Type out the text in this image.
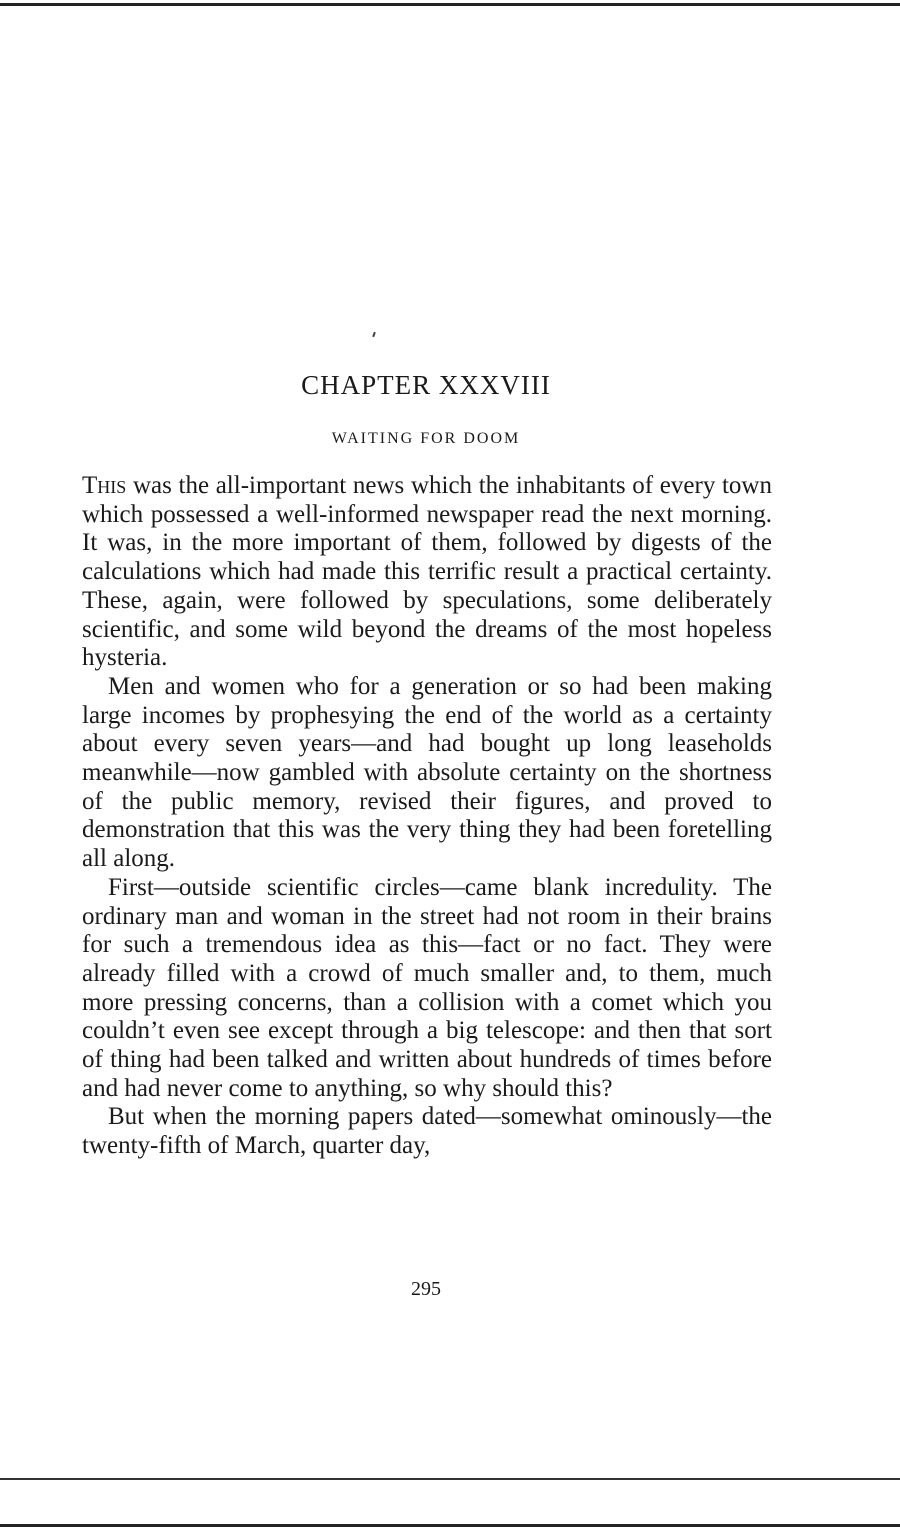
CHAPTER XXXVIII
WAITING FOR DOOM

This was the all-important news which the inhabitants of every town which possessed a well-informed newspaper read the next morning. It was, in the more important of them, followed by digests of the calculations which had made this terrific result a practical certainty. These, again, were followed by speculations, some deliberately scientific, and some wild beyond the dreams of the most hopeless hysteria.

Men and women who for a generation or so had been making large incomes by prophesying the end of the world as a certainty about every seven years—and had bought up long leaseholds meanwhile—now gambled with absolute certainty on the shortness of the public memory, revised their figures, and proved to demonstration that this was the very thing they had been foretelling all along.

First—outside scientific circles—came blank incredulity. The ordinary man and woman in the street had not room in their brains for such a tremendous idea as this—fact or no fact. They were already filled with a crowd of much smaller and, to them, much more pressing concerns, than a collision with a comet which you couldn’t even see except through a big telescope: and then that sort of thing had been talked and written about hundreds of times before and had never come to anything, so why should this?

But when the morning papers dated—somewhat ominously—the twenty-fifth of March, quarter day,

295
